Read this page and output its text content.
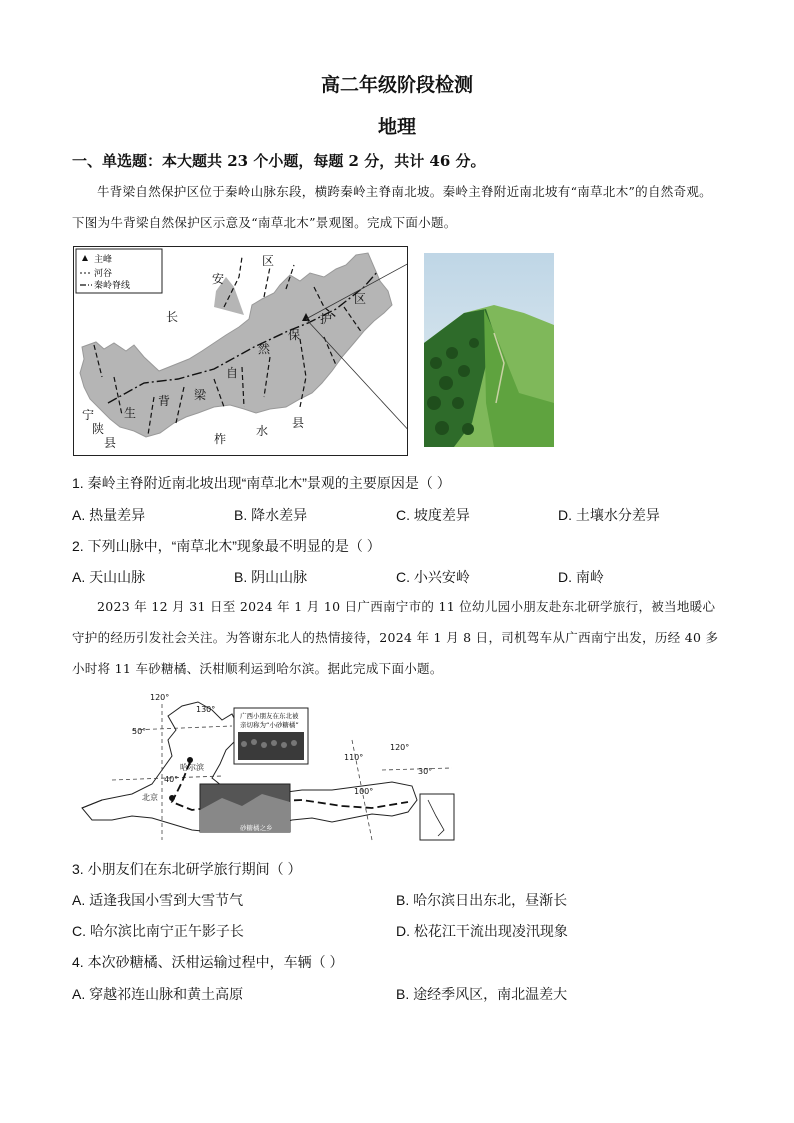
高二年级阶段检测
地理
一、单选题：本大题共 23 个小题，每题 2 分，共计 46 分。
牛背梁自然保护区位于秦岭山脉东段，横跨秦岭主脊南北坡。秦岭主脊附近南北坡有“南草北木”的自然奇观。下图为牛背梁自然保护区示意及“南草北木”景观图。完成下面小题。
主峰
河谷
秦岭脊线
长
安
区
区
护
保
然
自
梁
背
生
宁
陕
县	柞
水
县
1. 秦岭主脊附近南北坡出现“南草北木”景观的主要原因是（ ）
A. 热量差异	B. 降水差异	C. 坡度差异	D. 土壤水分差异
2. 下列山脉中，“南草北木”现象最不明显的是（ ）
A. 天山山脉	B. 阴山山脉	C. 小兴安岭	D. 南岭
2023 年 12 月 31 日至 2024 年 1 月 10 日广西南宁市的 11 位幼儿园小朋友赴东北研学旅行，被当地暖心守护的经历引发社会关注。为答谢东北人的热情接待，2024 年 1 月 8 日，司机驾车从广西南宁出发，历经 40 多小时将 11 车砂糖橘、沃柑顺利运到哈尔滨。据此完成下面小题。
120°
130°
50°
40°
110°
120°
30°
100°
哈尔滨
北京
广西小朋友在东北被
亲切称为“小砂糖橘”
砂糖橘之乡
3. 小朋友们在东北研学旅行期间（ ）
A. 适逢我国小雪到大雪节气	B. 哈尔滨日出东北，昼渐长
C. 哈尔滨比南宁正午影子长	D. 松花江干流出现凌汛现象
4. 本次砂糖橘、沃柑运输过程中，车辆（ ）
A. 穿越祁连山脉和黄土高原	B. 途经季风区，南北温差大
